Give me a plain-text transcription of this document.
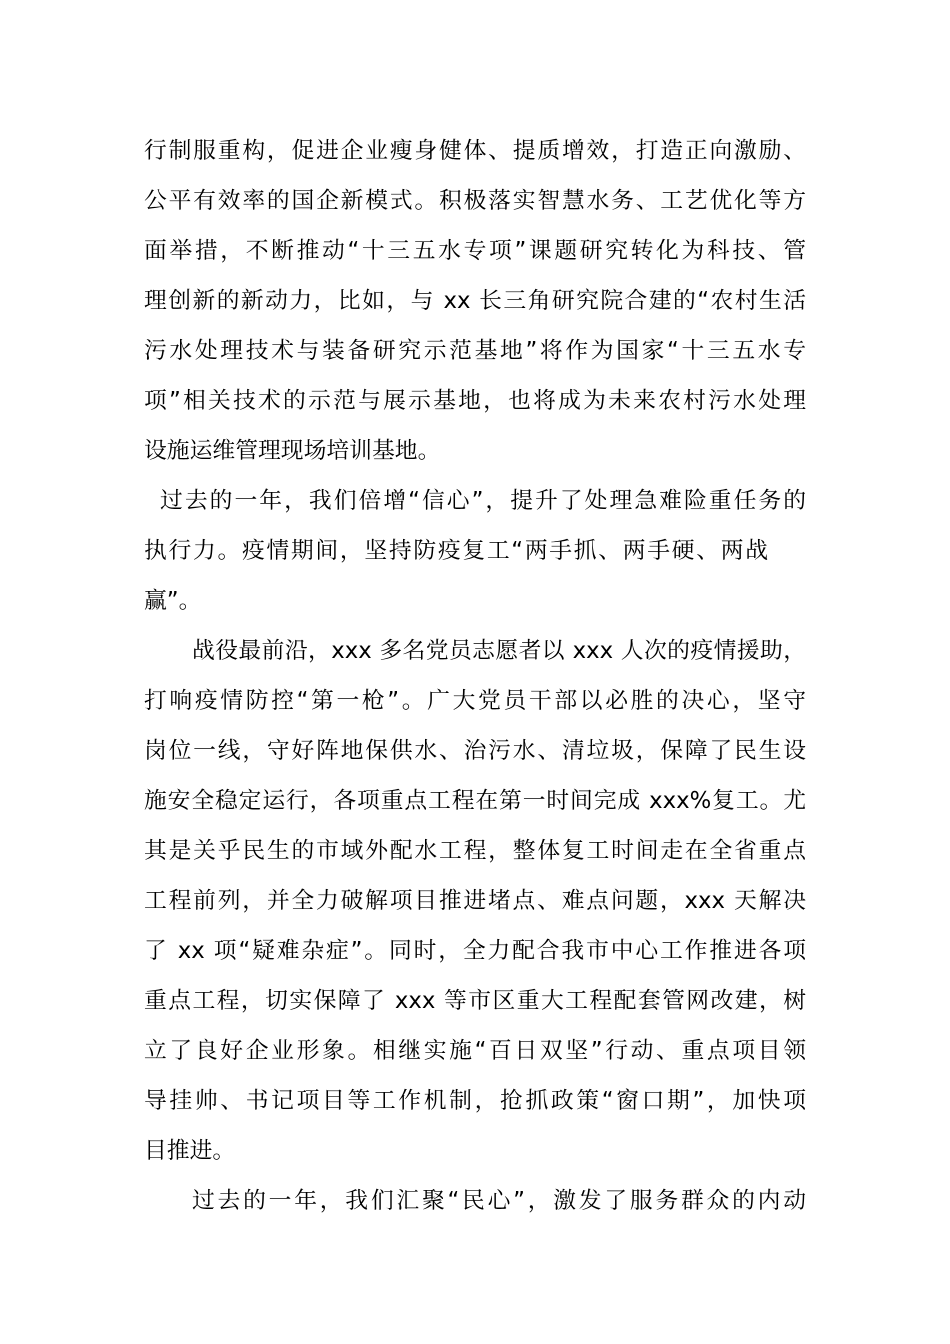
行制服重构，促进企业瘦身健体、提质增效，打造正向激励、
公平有效率的国企新模式。积极落实智慧水务、工艺优化等方
面举措，不断推动“十三五水专项”课题研究转化为科技、管
理创新的新动力，比如，与 xx 长三角研究院合建的“农村生活
污水处理技术与装备研究示范基地”将作为国家“十三五水专
项”相关技术的示范与展示基地，也将成为未来农村污水处理
设施运维管理现场培训基地。
过去的一年，我们倍增“信心”，提升了处理急难险重任务的
执行力。疫情期间，坚持防疫复工“两手抓、两手硬、两战
赢”。
战役最前沿，xxx 多名党员志愿者以 xxx 人次的疫情援助，
打响疫情防控“第一枪”。广大党员干部以必胜的决心，坚守
岗位一线，守好阵地保供水、治污水、清垃圾，保障了民生设
施安全稳定运行，各项重点工程在第一时间完成 xxx%复工。尤
其是关乎民生的市域外配水工程，整体复工时间走在全省重点
工程前列，并全力破解项目推进堵点、难点问题，xxx 天解决
了 xx 项“疑难杂症”。同时，全力配合我市中心工作推进各项
重点工程，切实保障了 xxx 等市区重大工程配套管网改建，树
立了良好企业形象。相继实施“百日双坚”行动、重点项目领
导挂帅、书记项目等工作机制，抢抓政策“窗口期”，加快项
目推进。
过去的一年，我们汇聚“民心”，激发了服务群众的内动
